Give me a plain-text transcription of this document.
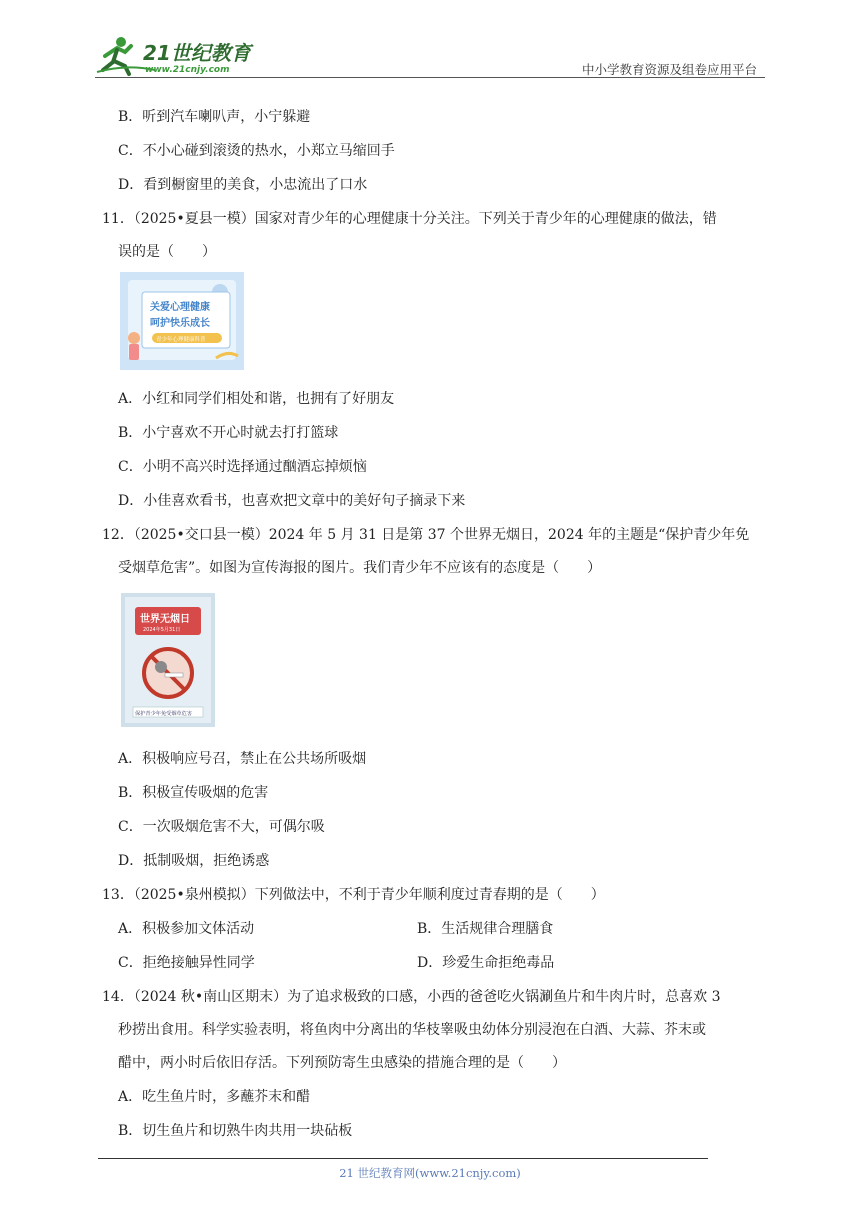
21世纪教育
www.21cnjy.com	中小学教育资源及组卷应用平台
B．听到汽车喇叭声，小宁躲避
C．不小心碰到滚烫的热水，小郑立马缩回手
D．看到橱窗里的美食，小忠流出了口水
11．（2025•夏县一模）国家对青少年的心理健康十分关注。下列关于青少年的心理健康的做法，错
误的是（　　）
关爱心理健康
呵护快乐成长
青少年心理健康科普
A．小红和同学们相处和谐，也拥有了好朋友
B．小宁喜欢不开心时就去打打篮球
C．小明不高兴时选择通过酗酒忘掉烦恼
D．小佳喜欢看书，也喜欢把文章中的美好句子摘录下来
12．（2025•交口县一模）2024 年 5 月 31 日是第 37 个世界无烟日，2024 年的主题是“保护青少年免
受烟草危害”。如图为宣传海报的图片。我们青少年不应该有的态度是（　　）
世界无烟日
2024年5月31日
保护青少年免受烟草危害
A．积极响应号召，禁止在公共场所吸烟
B．积极宣传吸烟的危害
C．一次吸烟危害不大，可偶尔吸
D．抵制吸烟，拒绝诱惑
13．（2025•泉州模拟）下列做法中，不利于青少年顺利度过青春期的是（　　）
A．积极参加文体活动	B．生活规律合理膳食
C．拒绝接触异性同学	D．珍爱生命拒绝毒品
14．（2024 秋•南山区期末）为了追求极致的口感，小西的爸爸吃火锅涮鱼片和牛肉片时，总喜欢 3
秒捞出食用。科学实验表明，将鱼肉中分离出的华枝睾吸虫幼体分别浸泡在白酒、大蒜、芥末或
醋中，两小时后依旧存活。下列预防寄生虫感染的措施合理的是（　　）
A．吃生鱼片时，多蘸芥末和醋
B．切生鱼片和切熟牛肉共用一块砧板
21 世纪教育网(www.21cnjy.com)
